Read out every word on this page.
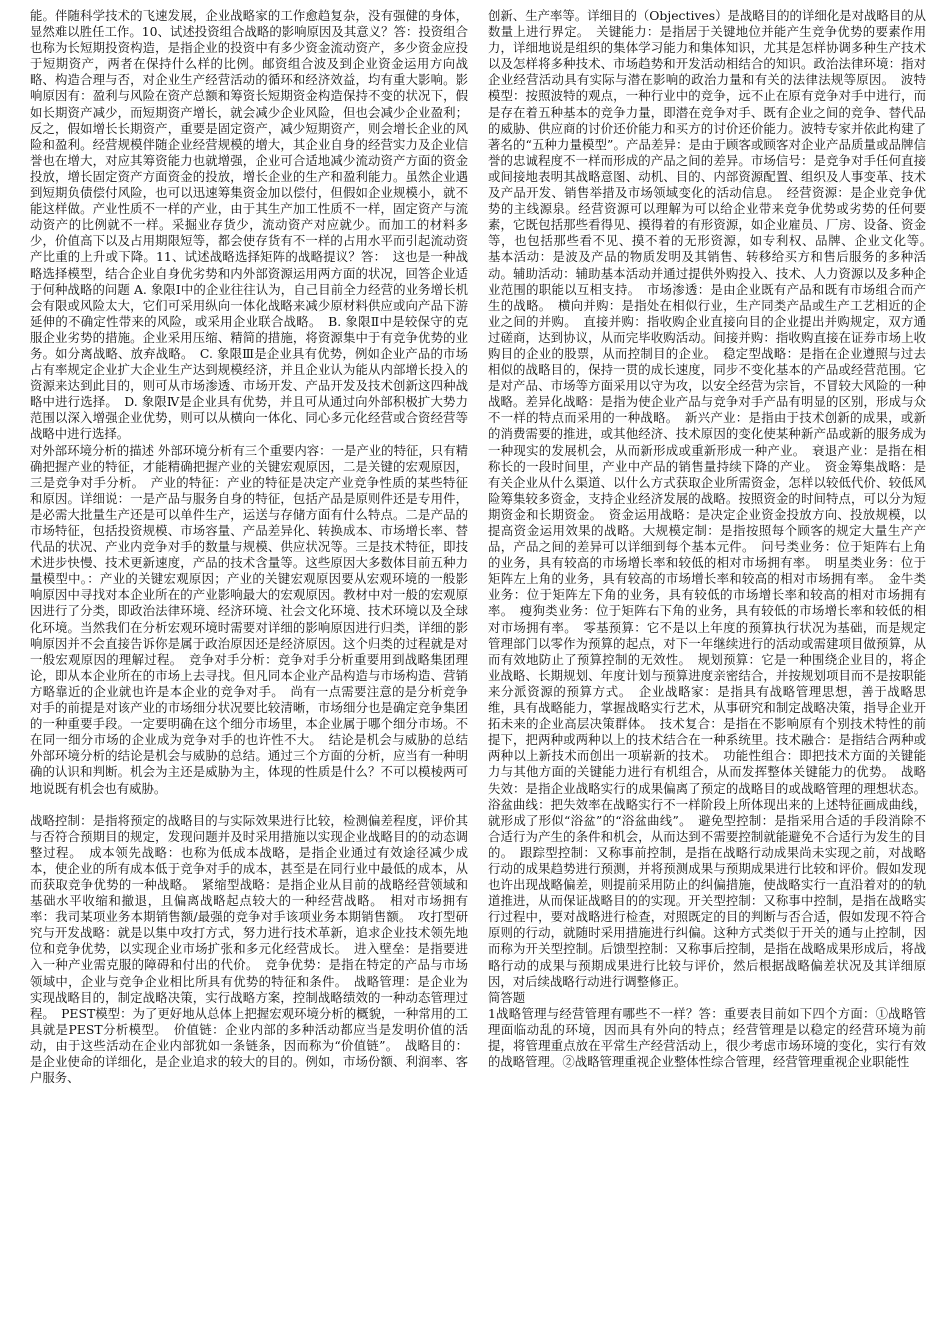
能。伴随科学技术的飞速发展，企业战略家的工作愈趋复杂，没有强健的身体，显然难以胜任工作。10、试述投资组合战略的影响原因及其意义？答：投资组合也称为长短期投资构造，是指企业的投资中有多少资金流动资产，多少资金应投于短期资产，两者在保持什么样的比例。邮资组合波及到企业资金运用方向战略、构造合理与否，对企业生产经营活动的循环和经济效益，均有重大影响。影响原因有：盈利与风险在资产总额和筹资长短期资金构造保持不变的状况下，假如长期资产减少，而短期资产增长，就会减少企业风险，但也会减少企业盈利；反之，假如增长长期资产，重要是固定资产，减少短期资产，则会增长企业的风险和盈利。经营规模伴随企业经营规模的增大，其企业自身的经营实力及企业信誉也在增大，对应其筹资能力也就增强，企业可合适地减少流动资产方面的资金投放，增长固定资产方面资金的投放，增长企业的生产和盈利能力。虽然企业遇到短期负债偿付风险，也可以迅速筹集资金加以偿付，但假如企业规模小，就不能这样做。产业性质不一样的产业，由于其生产加工性质不一样，固定资产与流动资产的比例就不一样。采掘业存货少，流动资产对应就少。而加工的材料多少，价值高下以及占用期限短等，都会使存货有不一样的占用水平而引起流动资产比重的上升或下降。11、试述战略选择矩阵的战略提议？答：　这也是一种战略选择模型，结合企业自身优劣势和内外部资源运用两方面的状况，回答企业适于何种战略的问题 A. 象限Ⅰ中的企业往往认为，自己目前全力经营的业务增长机会有限或风险太大，它们可采用纵向一体化战略来减少原材料供应或向产品下游延伸的不确定性带来的风险，或采用企业联合战略。　B. 象限Ⅱ中是较保守的克服企业劣势的措施。企业采用压缩、精简的措施，将资源集中于有竞争优势的业务。如分离战略、放弃战略。　C. 象限Ⅲ是企业具有优势，例如企业产品的市场占有率规定企业扩大企业生产达到规模经济，并且企业认为能从内部增长投入的资源来达到此目的，则可从市场渗透、市场开发、产品开发及技术创新这四种战略中进行选择。　D. 象限Ⅳ是企业具有优势，并且可从通过向外部积极扩大势力范围以深入增强企业优势，则可以从横向一体化、同心多元化经营或合资经营等战略中进行选择。

对外部环境分析的描述 外部环境分析有三个重要内容：一是产业的特征，只有精确把握产业的特征，才能精确把握产业的关键宏观原因，二是关键的宏观原因，三是竞争对手分析。　产业的特征：产业的特征是决定产业竞争性质的某些特征和原因。详细说：一是产品与服务自身的特征，包括产品是原则件还是专用件，是必需大批量生产还是可以单件生产，运送与存储方面有什么特点。二是产品的市场特征，包括投资规模、市场容量、产品差异化、转换成本、市场增长率、替代品的状况、产业内竞争对手的数量与规模、供应状况等。三是技术特征，即技术进步快慢、技术更新速度，产品的技术含量等。这些原因大多数体目前五种力量模型中。：产业的关键宏观原因；产业的关键宏观原因要从宏观环境的一般影响原因中寻找对本企业所在的产业影响最大的宏观原因。教材中对一般的宏观原因进行了分类，即政治法律环境、经济环境、社会文化环境、技术环境以及全球化环境。当然我们在分析宏观环境时需要对详细的影响原因进行归类，详细的影响原因并不会直接告诉你是属于政治原因还是经济原因。这个归类的过程就是对一般宏观原因的理解过程。　竞争对手分析：竞争对手分析重要用到战略集团理论，即从本企业所在的市场上去寻找。但凡同本企业产品构造与市场构造、营销方略靠近的企业就也许是本企业的竞争对手。　尚有一点需要注意的是分析竞争对手的前提是对该产业的市场细分状况要比较清晰，市场细分也是确定竞争集团的一种重要手段。一定要明确在这个细分市场里，本企业属于哪个细分市场。不在同一细分市场的企业成为竞争对手的也许性不大。　结论是机会与威胁的总结 外部环境分析的结论是机会与威胁的总结。通过三个方面的分析，应当有一种明确的认识和判断。机会为主还是威胁为主，体现的性质是什么？不可以模棱两可地说既有机会也有威胁。

战略控制：是指将预定的战略目的与实际效果进行比较，检测偏差程度，评价其与否符合预期目的规定，发现问题并及时采用措施以实现企业战略目的的动态调整过程。　成本领先战略：也称为低成本战略，是指企业通过有效途径减少成本，使企业的所有成本低于竞争对手的成本，甚至是在同行业中最低的成本，从而获取竞争优势的一种战略。　紧缩型战略：是指企业从目前的战略经营领域和基础水平收缩和撤退，且偏离战略起点较大的一种经营战略。　相对市场拥有率：我司某项业务本期销售额/最强的竞争对手该项业务本期销售额。　攻打型研究与开发战略：就是以集中攻打方式，努力进行技术革新，追求企业技术领先地位和竞争优势，以实现企业市场扩张和多元化经营成长。　进入壁垒：是指要进入一种产业需克服的障碍和付出的代价。　竞争优势：是指在特定的产品与市场领域中，企业与竞争企业相比所具有优势的特征和条件。　战略管理：是企业为实现战略目的，制定战略决策，实行战略方案，控制战略绩效的一种动态管理过程。　PEST模型：为了更好地从总体上把握宏观环境分析的概貌，一种常用的工具就是PEST分析模型。　价值链：企业内部的多种活动都应当是发明价值的活动，由于这些活动在企业内部犹如一条链条，因而称为“价值链”。　战略目的：是企业使命的详细化，是企业追求的较大的目的。例如，市场份额、利润率、客户服务、

创新、生产率等。详细目的（Objectives）是战略目的的详细化是对战略目的从数量上进行界定。　关键能力：是指居于关键地位并能产生竞争优势的要素作用力，详细地说是组织的集体学习能力和集体知识，尤其是怎样协调多种生产技术以及怎样将多种技术、市场趋势和开发活动相结合的知识。政治法律环境：指对企业经营活动具有实际与潜在影响的政治力量和有关的法律法规等原因。　波特模型：按照波特的观点，一种行业中的竞争，远不止在原有竞争对手中进行，而是存在着五种基本的竞争力量，即潜在竞争对手、既有企业之间的竞争、替代品的威胁、供应商的讨价还价能力和买方的讨价还价能力。波特专家并依此构建了著名的“五种力量模型”。产品差异：是由于顾客或顾客对企业产品质量或品牌信誉的忠诚程度不一样而形成的产品之间的差异。市场信号：是竞争对手任何直接或间接地表明其战略意图、动机、目的、内部资源配置、组织及人事变革、技术及产品开发、销售举措及市场领域变化的活动信息。　经营资源：是企业竞争优势的主线源泉。经营资源可以理解为可以给企业带来竞争优势或劣势的任何要素，它既包括那些看得见、摸得着的有形资源，如企业雇员、厂房、设备、资金等，也包括那些看不见、摸不着的无形资源，如专利权、品牌、企业文化等。　基本活动：是波及产品的物质发明及其销售、转移给买方和售后服务的多种活动。辅助活动：辅助基本活动并通过提供外购投入、技术、人力资源以及多种企业范围的职能以互相支持。　市场渗透：是由企业既有产品和既有市场组合而产生的战略。　横向并购：是指处在相似行业，生产同类产品或生产工艺相近的企业之间的并购。　直接并购：指收购企业直接向目的企业提出并购规定，双方通过磋商，达到协议，从而完毕收购活动。间接并购：指收购直接在证券市场上收购目的企业的股票，从而控制目的企业。　稳定型战略：是指在企业遵照与过去相似的战略目的，保持一贯的成长速度，同步不变化基本的产品或经营范围。它是对产品、市场等方面采用以守为攻，以安全经营为宗旨，不冒较大风险的一种战略。差异化战略：是指为使企业产品与竞争对手产品有明显的区别，形成与众不一样的特点而采用的一种战略。　新兴产业：是指由于技术创新的成果，或新的消费需要的推进，或其他经济、技术原因的变化使某种新产品或新的服务成为一种现实的发展机会，从而新形成或重新形成一种产业。　衰退产业：是指在相称长的一段时间里，产业中产品的销售量持续下降的产业。　资金筹集战略：是有关企业从什么渠道、以什么方式获取企业所需资金，怎样以较低代价、较低风险筹集较多资金，支持企业经济发展的战略。按照资金的时间特点，可以分为短期资金和长期资金。　资金运用战略：是决定企业资金投放方向、投放规模，以提高资金运用效果的战略。大规模定制：是指按照每个顾客的规定大量生产产品，产品之间的差异可以详细到每个基本元件。　问号类业务：位于矩阵右上角的业务，具有较高的市场增长率和较低的相对市场拥有率。　明星类业务：位于矩阵左上角的业务，具有较高的市场增长率和较高的相对市场拥有率。　金牛类业务：位于矩阵左下角的业务，具有较低的市场增长率和较高的相对市场拥有率。　瘦狗类业务：位于矩阵右下角的业务，具有较低的市场增长率和较低的相对市场拥有率。　零基预算：它不是以上年度的预算执行状况为基础，而是规定管理部门以零作为预算的起点，对下一年继续进行的活动或需建项目做预算，从而有效地防止了预算控制的无效性。　规划预算：它是一种围绕企业目的，将企业战略、长期规划、年度计划与预算进度亲密结合，并按规划项目而不是按职能来分派资源的预算方式。　企业战略家：是指具有战略管理思想，善于战略思维，具有战略能力，掌握战略实行艺术，从事研究和制定战略决策，指导企业开拓未来的企业高层决策群体。　技术复合：是指在不影响原有个别技术特性的前提下，把两种或两种以上的技术结合在一种系统里。技术融合：是指结合两种或两种以上新技术而创出一项崭新的技术。　功能性组合：即把技术方面的关键能力与其他方面的关键能力进行有机组合，从而发挥整体关键能力的优势。　战略失效：是指企业战略实行的成果偏离了预定的战略目的或战略管理的理想状态。浴盆曲线：把失效率在战略实行不一样阶段上所体现出来的上述特征画成曲线，就形成了形似“浴盆”的“浴盆曲线”。　避免型控制：是指采用合适的手段消除不合适行为产生的条件和机会，从而达到不需要控制就能避免不合适行为发生的目的。　跟踪型控制：又称事前控制，是指在战略行动成果尚未实现之前，对战略行动的成果趋势进行预测，并将预测成果与预期成果进行比较和评价。假如发现也许出现战略偏差，则提前采用防止的纠偏措施，使战略实行一直沿着对的的轨道推进，从而保证战略目的的实现。开关型控制：又称事中控制，是指在战略实行过程中，要对战略进行检查，对照既定的目的判断与否合适，假如发现不符合原则的行动，就随时采用措施进行纠偏。这种方式类似于开关的通与止控制，因而称为开关型控制。后馈型控制：又称事后控制，是指在战略成果形成后，将战略行动的成果与预期成果进行比较与评价，然后根据战略偏差状况及其详细原因，对后续战略行动进行调整修正。

简答题

1战略管理与经营管理有哪些不一样？答：重要表目前如下四个方面：①战略管理面临动乱的环境，因而具有外向的特点；经营管理是以稳定的经营环境为前提，将管理重点放在平常生产经营活动上，很少考虑市场环境的变化，实行有效的战略管理。②战略管理重视企业整体性综合管理，经营管理重视企业职能性
